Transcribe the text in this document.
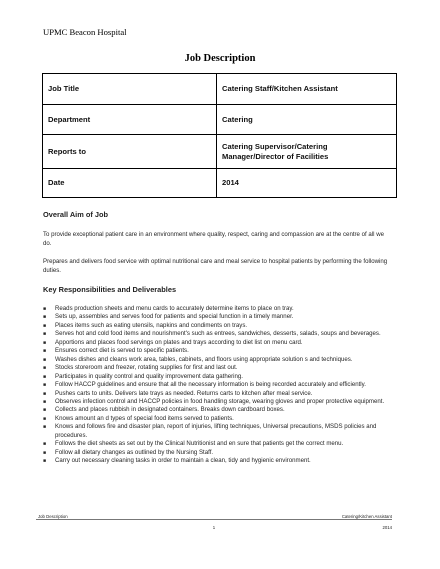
UPMC Beacon Hospital
Job Description
Job Title	Catering Staff/Kitchen Assistant
Department	Catering
Reports to	Catering Supervisor/Catering Manager/Director of Facilities
Date	2014
Overall Aim of Job
To provide exceptional patient care in an environment where quality, respect, caring and compassion are at the centre of all we do.
Prepares and delivers food service with optimal nutritional care and meal service to hospital patients by performing the following duties.
Key Responsibilities and Deliverables
■ Reads production sheets and menu cards to accurately determine items to place on tray.
■ Sets up, assembles and serves food for patients and special function in a timely manner.
■ Places items such as eating utensils, napkins and condiments on trays.
■ Serves hot and cold food items and nourishment's such as entrees, sandwiches, desserts, salads, soups and beverages.
■ Apportions and places food servings on plates and trays according to diet list on menu card.
■ Ensures correct diet is served to specific patients.
■ Washes dishes and cleans work area, tables, cabinets, and floors using appropriate solution s and techniques.
■ Stocks storeroom and freezer, rotating supplies for first and last out.
■ Participates in quality control and quality improvement data gathering.
■ Follow HACCP guidelines and ensure that all the necessary information is being recorded accurately and efficiently.
■ Pushes carts to units. Delivers late trays as needed. Returns carts to kitchen after meal service.
■ Observes infection control and HACCP policies in food handling storage, wearing gloves and proper protective equipment.
■ Collects and places rubbish in designated containers. Breaks down cardboard boxes.
■ Knows amount an d types of special food items served to patients.
■ Knows and follows fire and disaster plan, report of injuries, lifting techniques, Universal precautions, MSDS policies and procedures.
■ Follows the diet sheets as set out by the Clinical Nutritionist and en sure that patients get the correct menu.
■ Follow all dietary changes as outlined by the Nursing Staff.
■ Carry out necessary cleaning tasks in order to maintain a clean, tidy and hygienic environment.
Job Description	Catering/Kitchen Assistant
1	2014
